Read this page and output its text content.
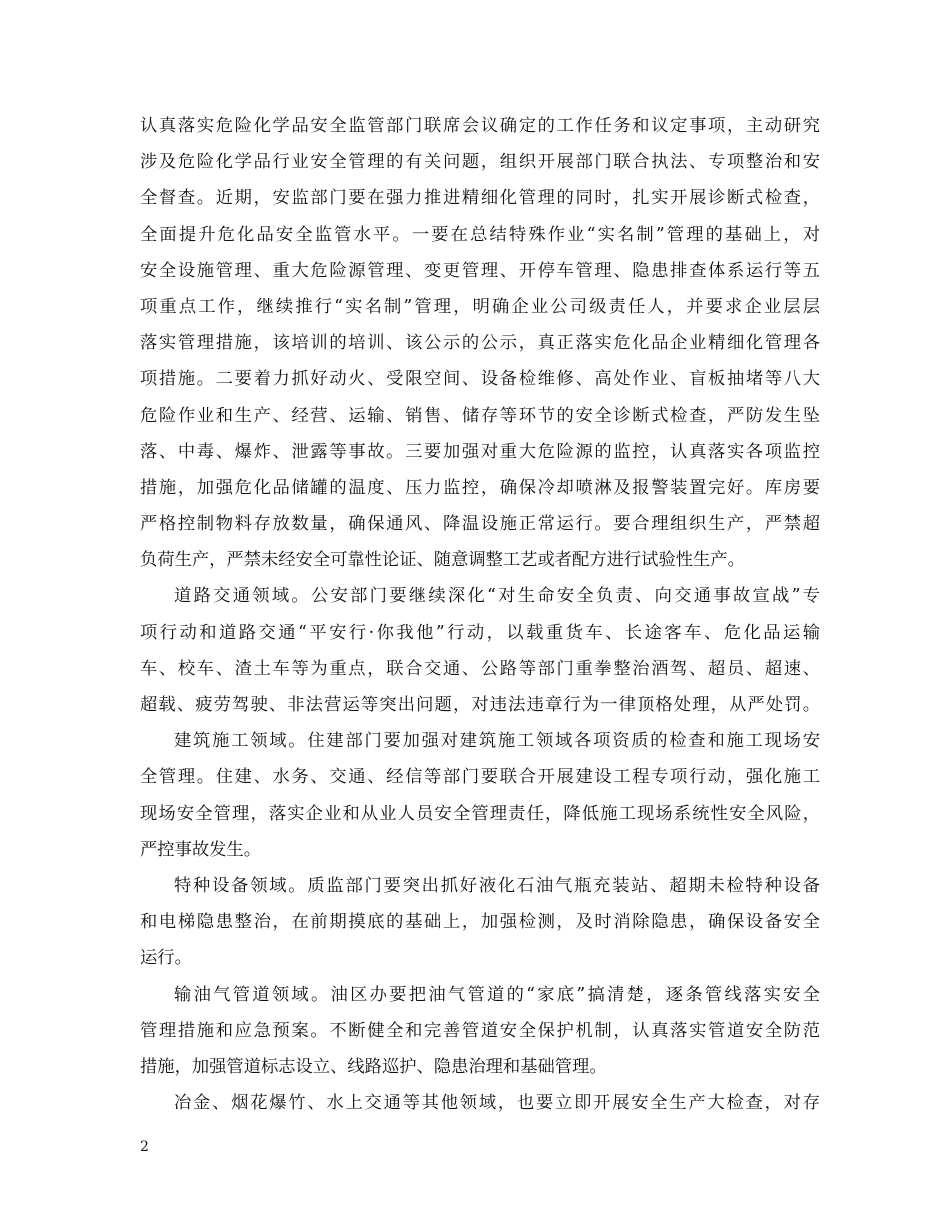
认真落实危险化学品安全监管部门联席会议确定的工作任务和议定事项，主动研究
涉及危险化学品行业安全管理的有关问题，组织开展部门联合执法、专项整治和安
全督查。近期，安监部门要在强力推进精细化管理的同时，扎实开展诊断式检查，
全面提升危化品安全监管水平。一要在总结特殊作业“实名制”管理的基础上，对
安全设施管理、重大危险源管理、变更管理、开停车管理、隐患排查体系运行等五
项重点工作，继续推行“实名制”管理，明确企业公司级责任人，并要求企业层层
落实管理措施，该培训的培训、该公示的公示，真正落实危化品企业精细化管理各
项措施。二要着力抓好动火、受限空间、设备检维修、高处作业、盲板抽堵等八大
危险作业和生产、经营、运输、销售、储存等环节的安全诊断式检查，严防发生坠
落、中毒、爆炸、泄露等事故。三要加强对重大危险源的监控，认真落实各项监控
措施，加强危化品储罐的温度、压力监控，确保冷却喷淋及报警装置完好。库房要
严格控制物料存放数量，确保通风、降温设施正常运行。要合理组织生产，严禁超
负荷生产，严禁未经安全可靠性论证、随意调整工艺或者配方进行试验性生产。
道路交通领域。公安部门要继续深化“对生命安全负责、向交通事故宣战”专
项行动和道路交通“平安行·你我他”行动，以载重货车、长途客车、危化品运输
车、校车、渣土车等为重点，联合交通、公路等部门重拳整治酒驾、超员、超速、
超载、疲劳驾驶、非法营运等突出问题，对违法违章行为一律顶格处理，从严处罚。
建筑施工领域。住建部门要加强对建筑施工领域各项资质的检查和施工现场安
全管理。住建、水务、交通、经信等部门要联合开展建设工程专项行动，强化施工
现场安全管理，落实企业和从业人员安全管理责任，降低施工现场系统性安全风险，
严控事故发生。
特种设备领域。质监部门要突出抓好液化石油气瓶充装站、超期未检特种设备
和电梯隐患整治，在前期摸底的基础上，加强检测，及时消除隐患，确保设备安全
运行。
输油气管道领域。油区办要把油气管道的“家底”搞清楚，逐条管线落实安全
管理措施和应急预案。不断健全和完善管道安全保护机制，认真落实管道安全防范
措施，加强管道标志设立、线路巡护、隐患治理和基础管理。
冶金、烟花爆竹、水上交通等其他领域，也要立即开展安全生产大检查，对存
2
